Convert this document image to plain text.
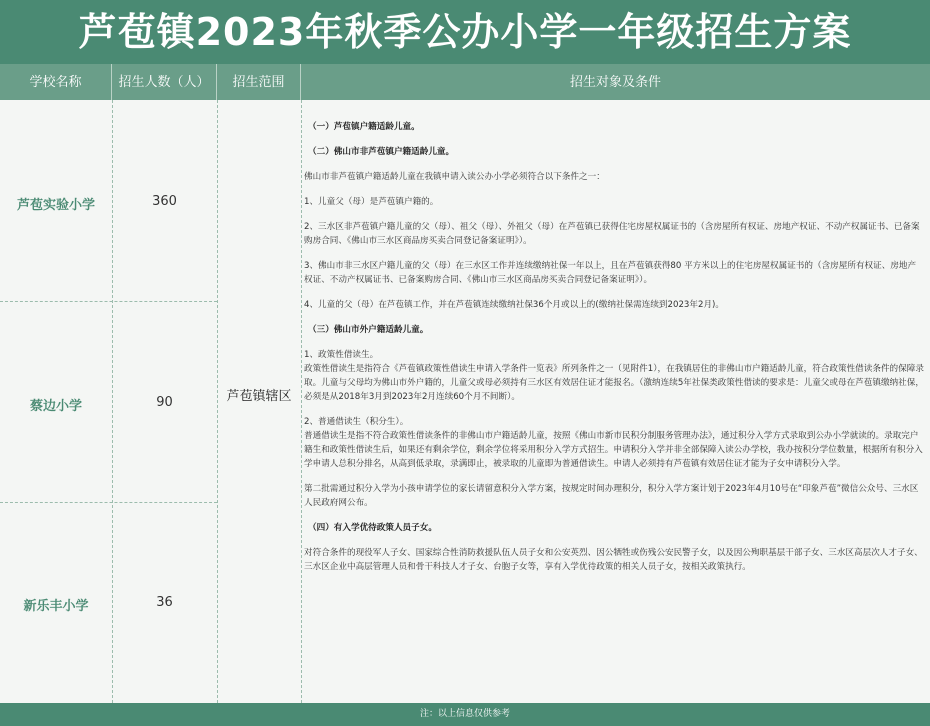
芦苞镇2023年秋季公办小学一年级招生方案
学校名称	招生人数（人）	招生范围	招生对象及条件
芦苞实验小学	360
蔡边小学	90
新乐丰小学	36
芦苞镇辖区

（一）芦苞镇户籍适龄儿童。

（二）佛山市非芦苞镇户籍适龄儿童。

佛山市非芦苞镇户籍适龄儿童在我镇申请入读公办小学必须符合以下条件之一：

1、儿童父（母）是芦苞镇户籍的。

2、三水区非芦苞镇户籍儿童的父（母）、祖父（母）、外祖父（母）在芦苞镇已获得住宅房屋权属证书的（含房屋所有权证、房地产权证、不动产权属证书、已备案购房合同、《佛山市三水区商品房买卖合同登记备案证明》）。

3、佛山市非三水区户籍儿童的父（母）在三水区工作并连续缴纳社保一年以上，且在芦苞镇获得80 平方米以上的住宅房屋权属证书的（含房屋所有权证、房地产权证、不动产权属证书、已备案购房合同、《佛山市三水区商品房买卖合同登记备案证明》）。

4、儿童的父（母）在芦苞镇工作，并在芦苞镇连续缴纳社保36个月或以上的(缴纳社保需连续到2023年2月)。

（三）佛山市外户籍适龄儿童。

1、政策性借读生。

政策性借读生是指符合《芦苞镇政策性借读生申请入学条件一览表》所列条件之一（见附件1），在我镇居住的非佛山市户籍适龄儿童，符合政策性借读条件的保障录取。儿童与父母均为佛山市外户籍的，儿童父或母必须持有三水区有效居住证才能报名。（激纳连续5年社保类政策性借读的要求是：儿童父或母在芦苞镇缴纳社保，必须是从2018年3月到2023年2月连续60个月不间断）。

2、普通借读生（积分生）。

普通借读生是指不符合政策性借读条件的非佛山市户籍适龄儿童，按照《佛山市新市民积分制服务管理办法》，通过积分入学方式录取到公办小学就读的。录取完户籍生和政策性借读生后，如果还有剩余学位，剩余学位将采用积分入学方式招生。申请积分入学并非全部保障入读公办学校，我办按积分学位数量，根据所有积分入学申请人总积分排名，从高到低录取，录满即止，被录取的儿童即为普通借读生。申请人必须持有芦苞镇有效居住证才能为子女申请积分入学。

第二批需通过积分入学为小孩申请学位的家长请留意积分入学方案，按规定时间办理积分，积分入学方案计划于2023年4月10号在“印象芦苞”微信公众号、三水区人民政府网公布。

（四）有入学优待政策人员子女。

对符合条件的现役军人子女、国家综合性消防救援队伍人员子女和公安英烈、因公牺牲或伤残公安民警子女，以及因公殉职基层干部子女、三水区高层次人才子女、三水区企业中高层管理人员和骨干科技人才子女、台胞子女等，享有入学优待政策的相关人员子女，按相关政策执行。

注：以上信息仅供参考
